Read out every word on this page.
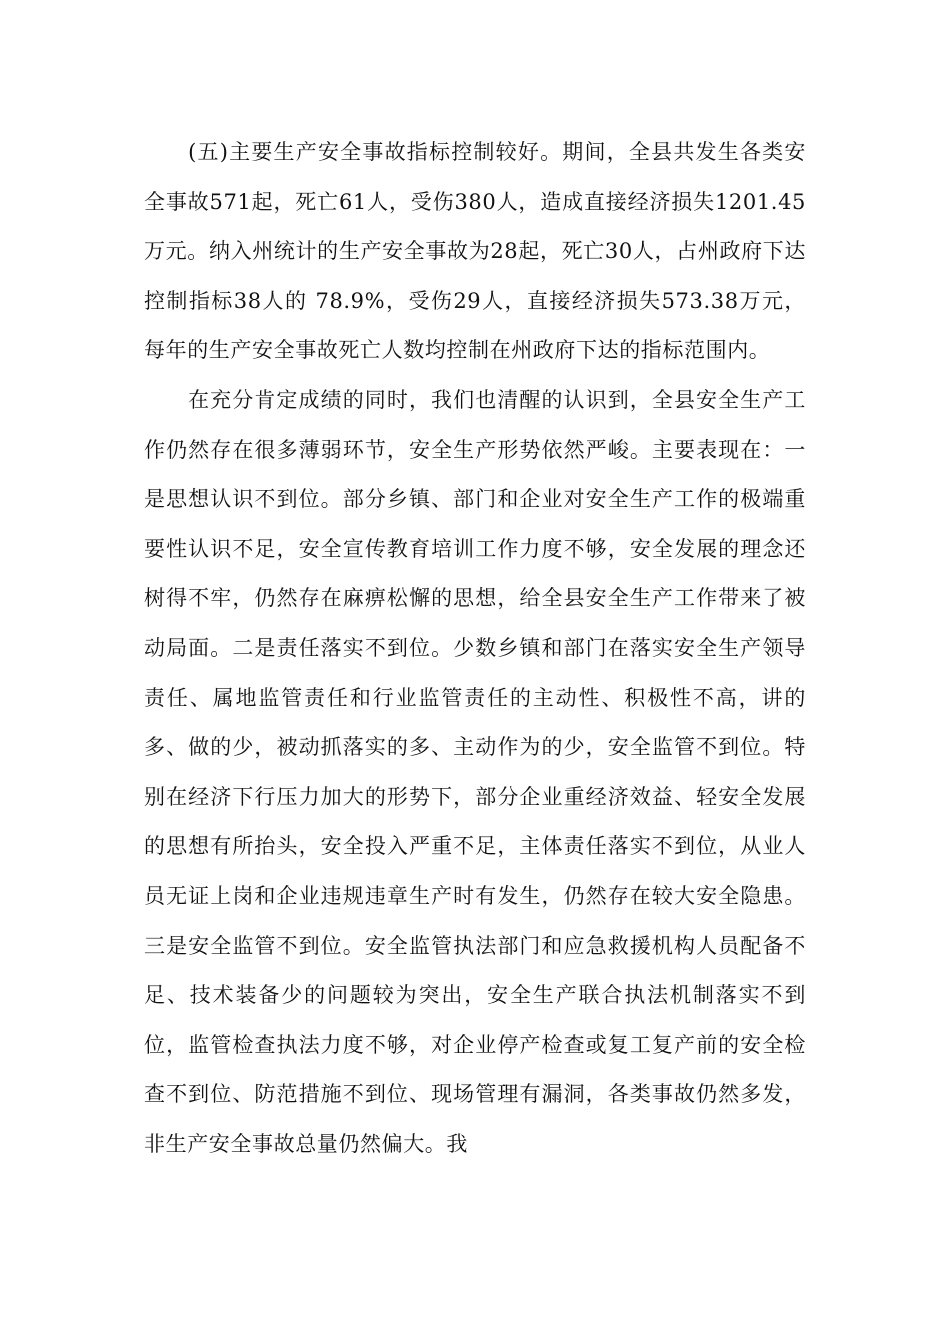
(五)主要生产安全事故指标控制较好。期间，全县共发生各类安全事故571起，死亡61人，受伤380人，造成直接经济损失1201.45万元。纳入州统计的生产安全事故为28起，死亡30人，占州政府下达控制指标38人的 78.9%，受伤29人，直接经济损失573.38万元，每年的生产安全事故死亡人数均控制在州政府下达的指标范围内。

在充分肯定成绩的同时，我们也清醒的认识到，全县安全生产工作仍然存在很多薄弱环节，安全生产形势依然严峻。主要表现在：一是思想认识不到位。部分乡镇、部门和企业对安全生产工作的极端重要性认识不足，安全宣传教育培训工作力度不够，安全发展的理念还树得不牢，仍然存在麻痹松懈的思想，给全县安全生产工作带来了被动局面。二是责任落实不到位。少数乡镇和部门在落实安全生产领导责任、属地监管责任和行业监管责任的主动性、积极性不高，讲的多、做的少，被动抓落实的多、主动作为的少，安全监管不到位。特别在经济下行压力加大的形势下，部分企业重经济效益、轻安全发展的思想有所抬头，安全投入严重不足，主体责任落实不到位，从业人员无证上岗和企业违规违章生产时有发生，仍然存在较大安全隐患。三是安全监管不到位。安全监管执法部门和应急救援机构人员配备不足、技术装备少的问题较为突出，安全生产联合执法机制落实不到位，监管检查执法力度不够，对企业停产检查或复工复产前的安全检查不到位、防范措施不到位、现场管理有漏洞，各类事故仍然多发，非生产安全事故总量仍然偏大。我
